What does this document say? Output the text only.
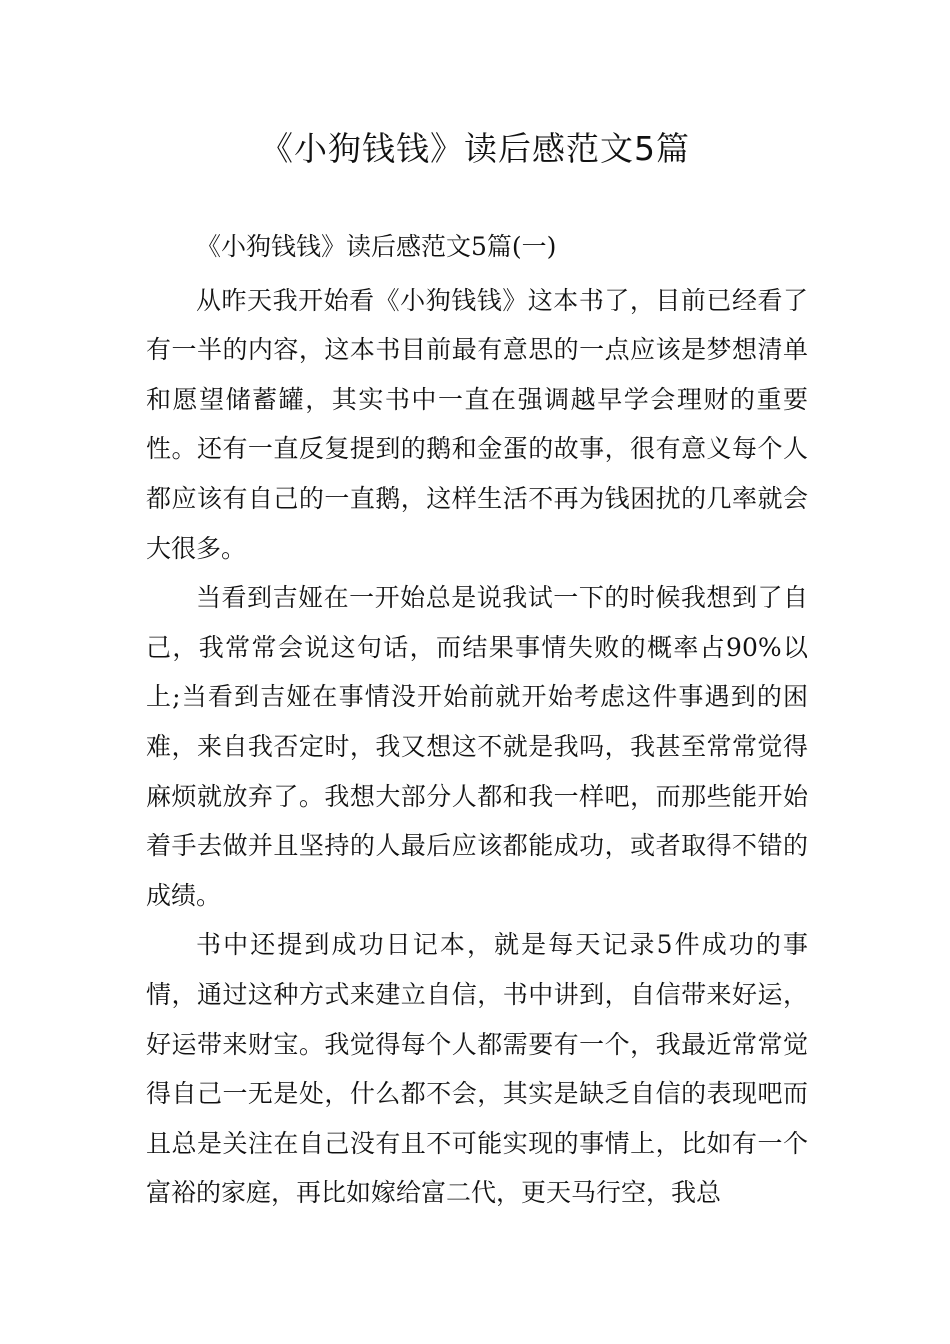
《小狗钱钱》读后感范文5篇

《小狗钱钱》读后感范文5篇(一)

从昨天我开始看《小狗钱钱》这本书了，目前已经看了有一半的内容，这本书目前最有意思的一点应该是梦想清单和愿望储蓄罐，其实书中一直在强调越早学会理财的重要性。还有一直反复提到的鹅和金蛋的故事，很有意义每个人都应该有自己的一直鹅，这样生活不再为钱困扰的几率就会大很多。

当看到吉娅在一开始总是说我试一下的时候我想到了自己，我常常会说这句话，而结果事情失败的概率占90%以上;当看到吉娅在事情没开始前就开始考虑这件事遇到的困难，来自我否定时，我又想这不就是我吗，我甚至常常觉得麻烦就放弃了。我想大部分人都和我一样吧，而那些能开始着手去做并且坚持的人最后应该都能成功，或者取得不错的成绩。

书中还提到成功日记本，就是每天记录5件成功的事情，通过这种方式来建立自信，书中讲到，自信带来好运，好运带来财宝。我觉得每个人都需要有一个，我最近常常觉得自己一无是处，什么都不会，其实是缺乏自信的表现吧而且总是关注在自己没有且不可能实现的事情上，比如有一个富裕的家庭，再比如嫁给富二代，更天马行空，我总
